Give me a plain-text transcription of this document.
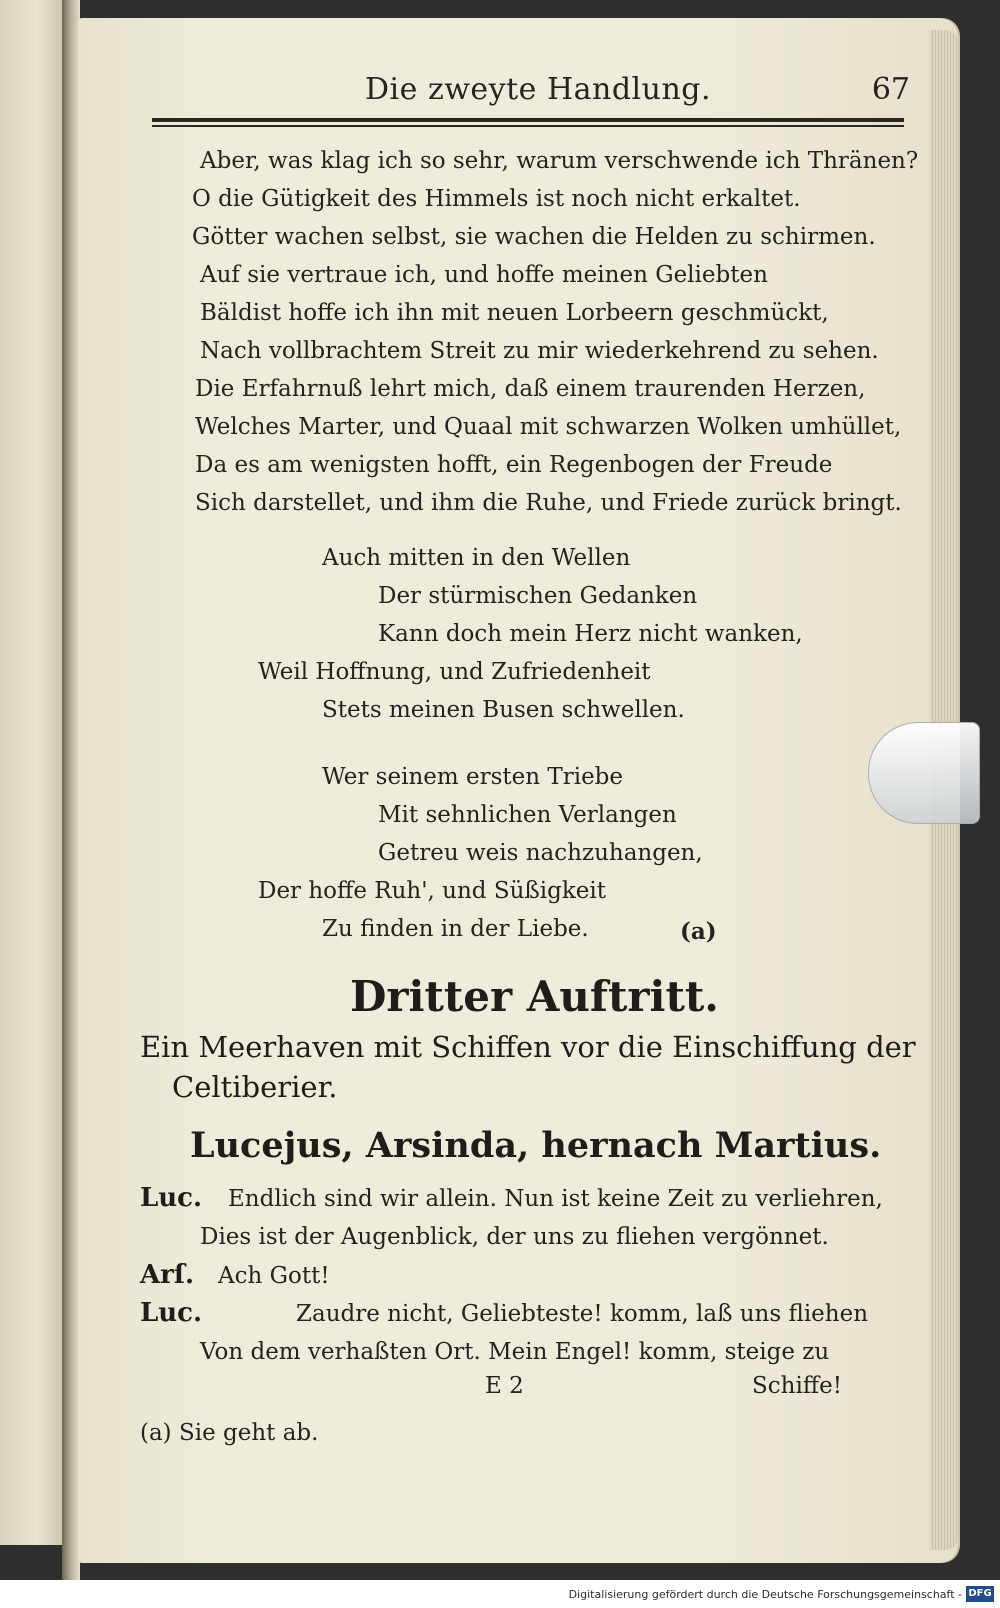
Die zweyte Handlung.	67
Aber, was klag ich so sehr, warum verschwende ich Thränen?
O die Gütigkeit des Himmels ist noch nicht erkaltet.
Götter wachen selbst, sie wachen die Helden zu schirmen.
Auf sie vertraue ich, und hoffe meinen Geliebten
Bäldist hoffe ich ihn mit neuen Lorbeern geschmückt,
Nach vollbrachtem Streit zu mir wiederkehrend zu sehen.
Die Erfahrnuß lehrt mich, daß einem traurenden Herzen,
Welches Marter, und Quaal mit schwarzen Wolken umhüllet,
Da es am wenigsten hofft, ein Regenbogen der Freude
Sich darstellet, und ihm die Ruhe, und Friede zurück bringt.
Auch mitten in den Wellen
Der stürmischen Gedanken
Kann doch mein Herz nicht wanken,
Weil Hoffnung, und Zufriedenheit
Stets meinen Busen schwellen.
Wer seinem ersten Triebe
Mit sehnlichen Verlangen
Getreu weis nachzuhangen,
Der hoffe Ruh', und Süßigkeit
Zu finden in der Liebe.	(a)
Dritter Auftritt.
Ein Meerhaven mit Schiffen vor die Einschiffung der
Celtiberier.
Lucejus, Arsinda, hernach Martius.
Luc. Endlich sind wir allein. Nun ist keine Zeit zu verliehren,
Dies ist der Augenblick, der uns zu fliehen vergönnet.
Arſ. Ach Gott!
Luc.	Zaudre nicht, Geliebteste! komm, laß uns fliehen
Von dem verhaßten Ort. Mein Engel! komm, steige zu
E 2	Schiffe!
(a) Sie geht ab.
Digitalisierung gefördert durch die Deutsche Forschungsgemeinschaft - DFG
